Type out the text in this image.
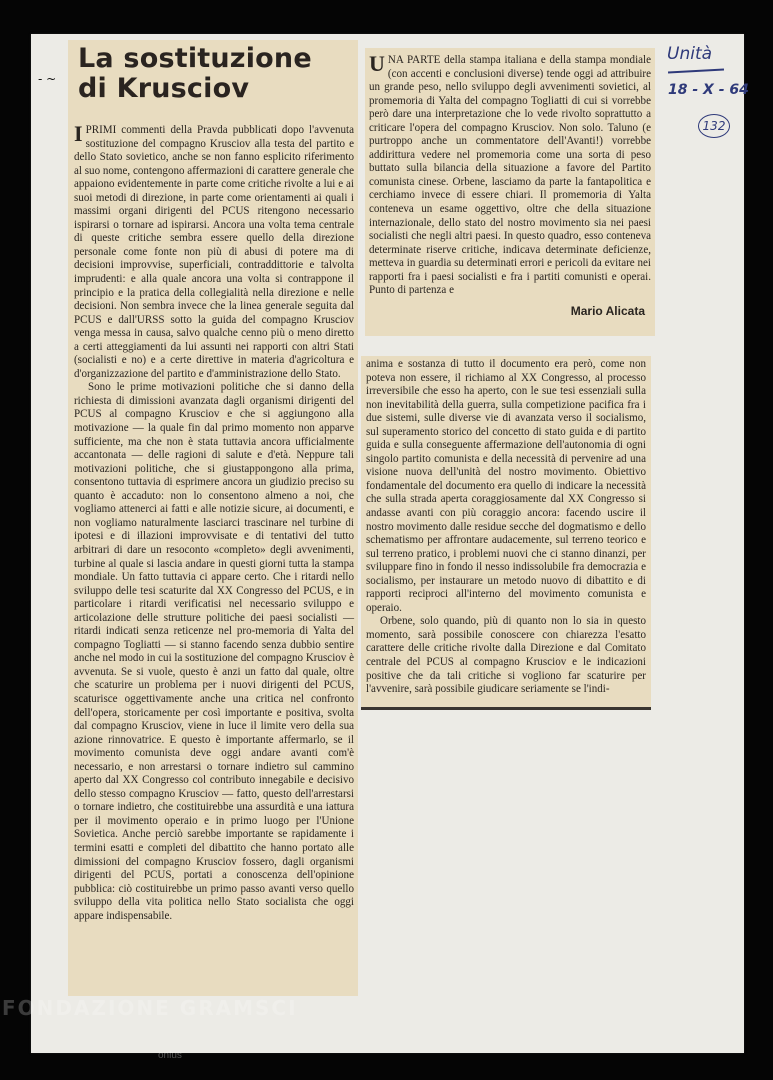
- ~
La sostituzione
di Krusciov

IPRIMI commenti della Pravda pubblicati dopo l'avvenuta sostituzione del compagno Krusciov alla testa del partito e dello Stato sovietico, anche se non fanno esplicito riferimento al suo nome, contengono affermazioni di carattere generale che appaiono evidentemente in parte come critiche rivolte a lui e ai suoi metodi di direzione, in parte come orientamenti ai quali i massimi organi dirigenti del PCUS ritengono necessario ispirarsi o tornare ad ispirarsi. Ancora una volta tema centrale di queste critiche sembra essere quello della direzione personale come fonte non più di abusi di potere ma di decisioni improvvise, superficiali, contraddittorie e talvolta imprudenti: e alla quale ancora una volta si contrappone il principio e la pratica della collegialità nella direzione e nelle decisioni. Non sembra invece che la linea generale seguita dal PCUS e dall'URSS sotto la guida del compagno Krusciov venga messa in causa, salvo qualche cenno più o meno diretto a certi atteggiamenti da lui assunti nei rapporti con altri Stati (socialisti e no) e a certe direttive in materia d'agricoltura e d'organizzazione del partito e d'amministrazione dello Stato.

Sono le prime motivazioni politiche che si danno della richiesta di dimissioni avanzata dagli organismi dirigenti del PCUS al compagno Krusciov e che si aggiungono alla motivazione — la quale fin dal primo momento non apparve sufficiente, ma che non è stata tuttavia ancora ufficialmente accantonata — delle ragioni di salute e d'età. Neppure tali motivazioni politiche, che si giustappongono alla prima, consentono tuttavia di esprimere ancora un giudizio preciso su quanto è accaduto: non lo consentono almeno a noi, che vogliamo attenerci ai fatti e alle notizie sicure, ai documenti, e non vogliamo naturalmente lasciarci trascinare nel turbine di ipotesi e di illazioni improvvisate e di tentativi del tutto arbitrari di dare un resoconto «completo» degli avvenimenti, turbine al quale si lascia andare in questi giorni tutta la stampa mondiale. Un fatto tuttavia ci appare certo. Che i ritardi nello sviluppo delle tesi scaturite dal XX Congresso del PCUS, e in particolare i ritardi verificatisi nel necessario sviluppo e articolazione delle strutture politiche dei paesi socialisti — ritardi indicati senza reticenze nel pro-memoria di Yalta del compagno Togliatti — si stanno facendo senza dubbio sentire anche nel modo in cui la sostituzione del compagno Krusciov è avvenuta. Se si vuole, questo è anzi un fatto dal quale, oltre che scaturire un problema per i nuovi dirigenti del PCUS, scaturisce oggettivamente anche una critica nel confronto dell'opera, storicamente per così importante e positiva, svolta dal compagno Krusciov, viene in luce il limite vero della sua azione rinnovatrice. E questo è importante affermarlo, se il movimento comunista deve oggi andare avanti com'è necessario, e non arrestarsi o tornare indietro sul cammino aperto dal XX Congresso col contributo innegabile e decisivo dello stesso compagno Krusciov — fatto, questo dell'arrestarsi o tornare indietro, che costituirebbe una assurdità e una iattura per il movimento operaio e in primo luogo per l'Unione Sovietica. Anche perciò sarebbe importante se rapidamente i termini esatti e completi del dibattito che hanno portato alle dimissioni del compagno Krusciov fossero, dagli organismi dirigenti del PCUS, portati a conoscenza dell'opinione pubblica: ciò costituirebbe un primo passo avanti verso quello sviluppo della vita politica nello Stato socialista che oggi appare indispensabile.

UNA PARTE della stampa italiana e della stampa mondiale (con accenti e conclusioni diverse) tende oggi ad attribuire un grande peso, nello sviluppo degli avvenimenti sovietici, al promemoria di Yalta del compagno Togliatti di cui si vorrebbe però dare una interpretazione che lo vede rivolto soprattutto a criticare l'opera del compagno Krusciov. Non solo. Taluno (e purtroppo anche un commentatore dell'Avanti!) vorrebbe addirittura vedere nel promemoria come una sorta di peso buttato sulla bilancia della situazione a favore del Partito comunista cinese. Orbene, lasciamo da parte la fantapolitica e cerchiamo invece di essere chiari. Il promemoria di Yalta conteneva un esame oggettivo, oltre che della situazione internazionale, dello stato del nostro movimento sia nei paesi socialisti che negli altri paesi. In questo quadro, esso conteneva determinate riserve critiche, indicava determinate deficienze, metteva in guardia su determinati errori e pericoli da evitare nei rapporti fra i paesi socialisti e fra i partiti comunisti e operai. Punto di partenza e

Mario Alicata

anima e sostanza di tutto il documento era però, come non poteva non essere, il richiamo al XX Congresso, al processo irreversibile che esso ha aperto, con le sue tesi essenziali sulla non inevitabilità della guerra, sulla competizione pacifica fra i due sistemi, sulle diverse vie di avanzata verso il socialismo, sul superamento storico del concetto di stato guida e di partito guida e sulla conseguente affermazione dell'autonomia di ogni singolo partito comunista e della necessità di pervenire ad una visione nuova dell'unità del nostro movimento. Obiettivo fondamentale del documento era quello di indicare la necessità che sulla strada aperta coraggiosamente dal XX Congresso si andasse avanti con più coraggio ancora: facendo uscire il nostro movimento dalle residue secche del dogmatismo e dello schematismo per affrontare audacemente, sul terreno teorico e sul terreno pratico, i problemi nuovi che ci stanno dinanzi, per sviluppare fino in fondo il nesso indissolubile fra democrazia e socialismo, per instaurare un metodo nuovo di dibattito e di rapporti reciproci all'interno del movimento comunista e operaio.

Orbene, solo quando, più di quanto non lo sia in questo momento, sarà possibile conoscere con chiarezza l'esatto carattere delle critiche rivolte dalla Direzione e dal Comitato centrale del PCUS al compagno Krusciov e le indicazioni positive che da tali critiche si vogliono far scaturire per l'avvenire, sarà possibile giudicare seriamente se l'indi-

Unità
18 - X - 64
132
FONDAZIONE GRAMSCI
onlus
